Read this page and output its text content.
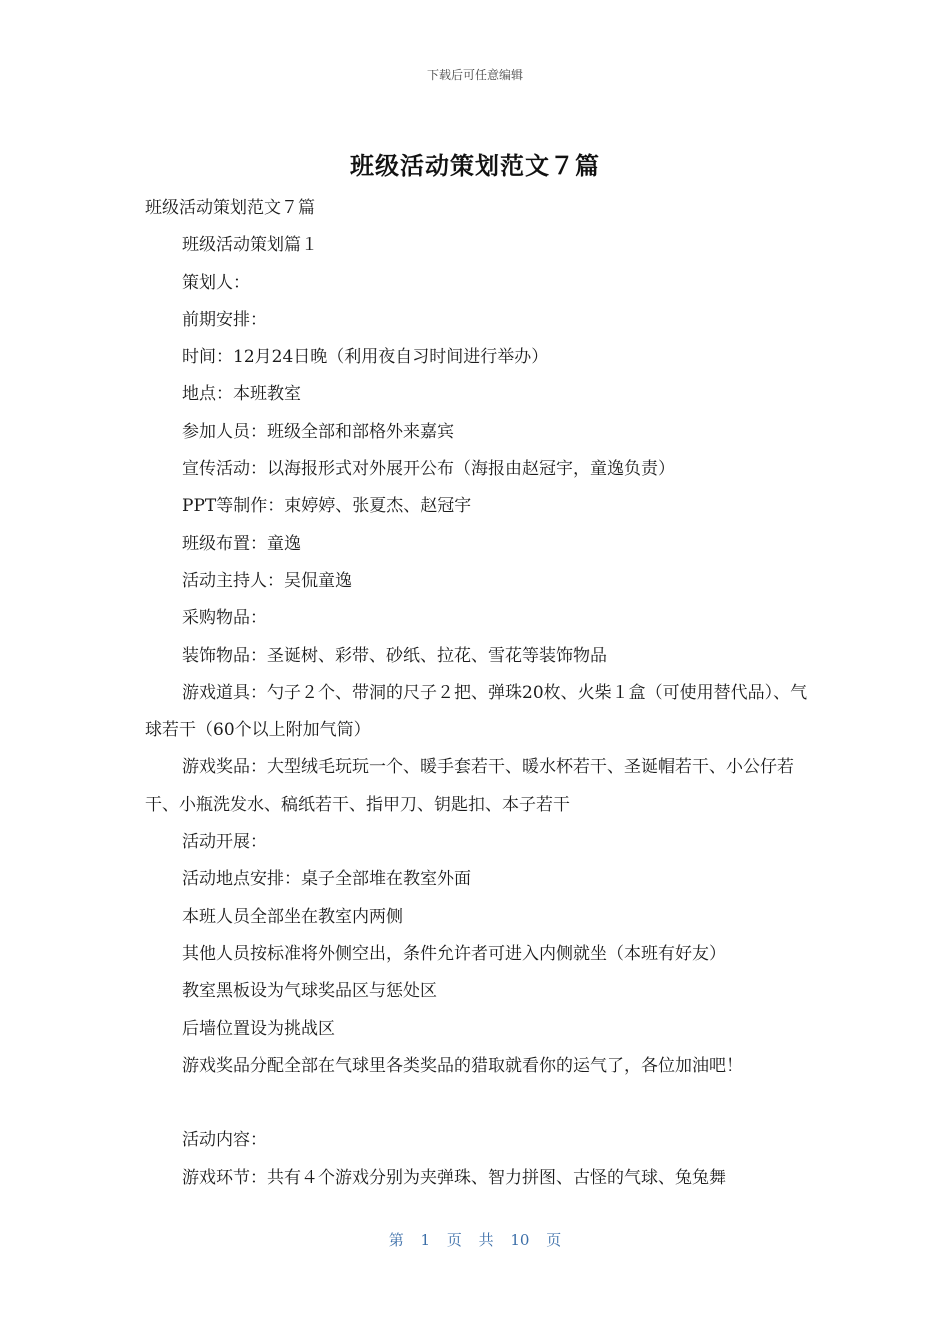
下载后可任意编辑
班级活动策划范文７篇

班级活动策划范文７篇

班级活动策划篇１

策划人：

前期安排：

时间：12月24日晚（利用夜自习时间进行举办）

地点：本班教室

参加人员：班级全部和部格外来嘉宾

宣传活动：以海报形式对外展开公布（海报由赵冠宇，童逸负责）

PPT等制作：束婷婷、张夏杰、赵冠宇

班级布置：童逸

活动主持人：吴侃童逸

采购物品：

装饰物品：圣诞树、彩带、砂纸、拉花、雪花等装饰物品

游戏道具：勺子２个、带洞的尺子２把、弹珠20枚、火柴１盒（可使用替代品）、气球若干（60个以上附加气筒）

游戏奖品：大型绒毛玩玩一个、暖手套若干、暖水杯若干、圣诞帽若干、小公仔若干、小瓶洗发水、稿纸若干、指甲刀、钥匙扣、本子若干

活动开展：

活动地点安排：桌子全部堆在教室外面

本班人员全部坐在教室内两侧

其他人员按标准将外侧空出，条件允许者可进入内侧就坐（本班有好友）

教室黑板设为气球奖品区与惩处区

后墙位置设为挑战区

游戏奖品分配全部在气球里各类奖品的猎取就看你的运气了，各位加油吧！

活动内容：

游戏环节：共有４个游戏分别为夹弹珠、智力拼图、古怪的气球、兔兔舞

第 1 页 共 10 页
